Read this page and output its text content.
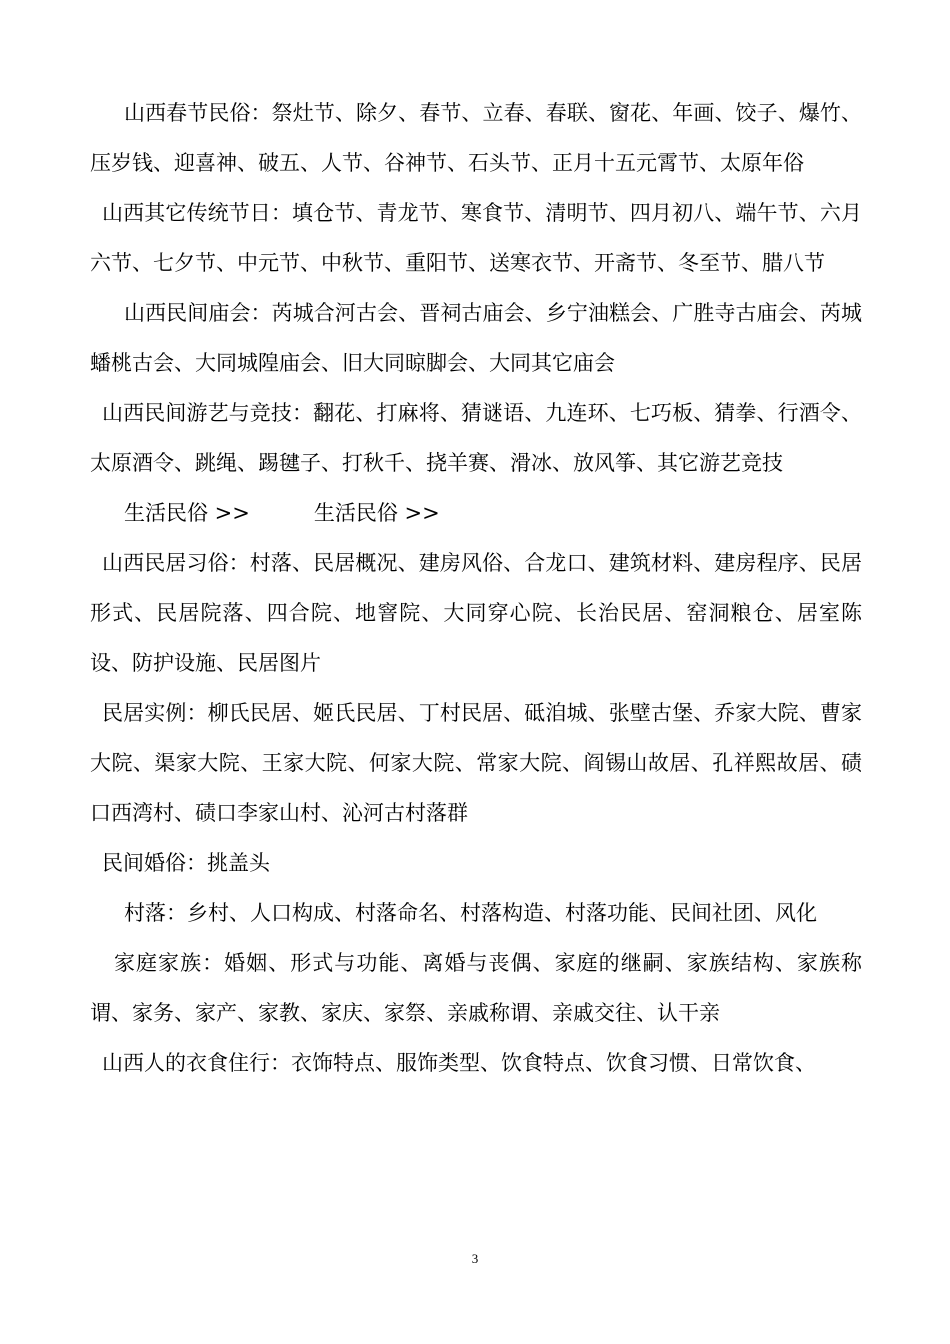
山西春节民俗：祭灶节、除夕、春节、立春、春联、窗花、年画、饺子、爆竹、压岁钱、迎喜神、破五、人节、谷神节、石头节、正月十五元霄节、太原年俗

山西其它传统节日：填仓节、青龙节、寒食节、清明节、四月初八、端午节、六月六节、七夕节、中元节、中秋节、重阳节、送寒衣节、开斋节、冬至节、腊八节

山西民间庙会：芮城合河古会、晋祠古庙会、乡宁油糕会、广胜寺古庙会、芮城蟠桃古会、大同城隍庙会、旧大同晾脚会、大同其它庙会

山西民间游艺与竞技：翻花、打麻将、猜谜语、九连环、七巧板、猜拳、行酒令、太原酒令、跳绳、踢毽子、打秋千、挠羊赛、滑冰、放风筝、其它游艺竞技

生活民俗 >>	生活民俗 >>

山西民居习俗：村落、民居概况、建房风俗、合龙口、建筑材料、建房程序、民居形式、民居院落、四合院、地窨院、大同穿心院、长治民居、窑洞粮仓、居室陈设、防护设施、民居图片

民居实例：柳氏民居、姬氏民居、丁村民居、砥洎城、张壁古堡、乔家大院、曹家大院、渠家大院、王家大院、何家大院、常家大院、阎锡山故居、孔祥熙故居、碛口西湾村、碛口李家山村、沁河古村落群

民间婚俗：挑盖头

村落：乡村、人口构成、村落命名、村落构造、村落功能、民间社团、风化

家庭家族：婚姻、形式与功能、离婚与丧偶、家庭的继嗣、家族结构、家族称谓、家务、家产、家教、家庆、家祭、亲戚称谓、亲戚交往、认干亲

山西人的衣食住行：衣饰特点、服饰类型、饮食特点、饮食习惯、日常饮食、

3
